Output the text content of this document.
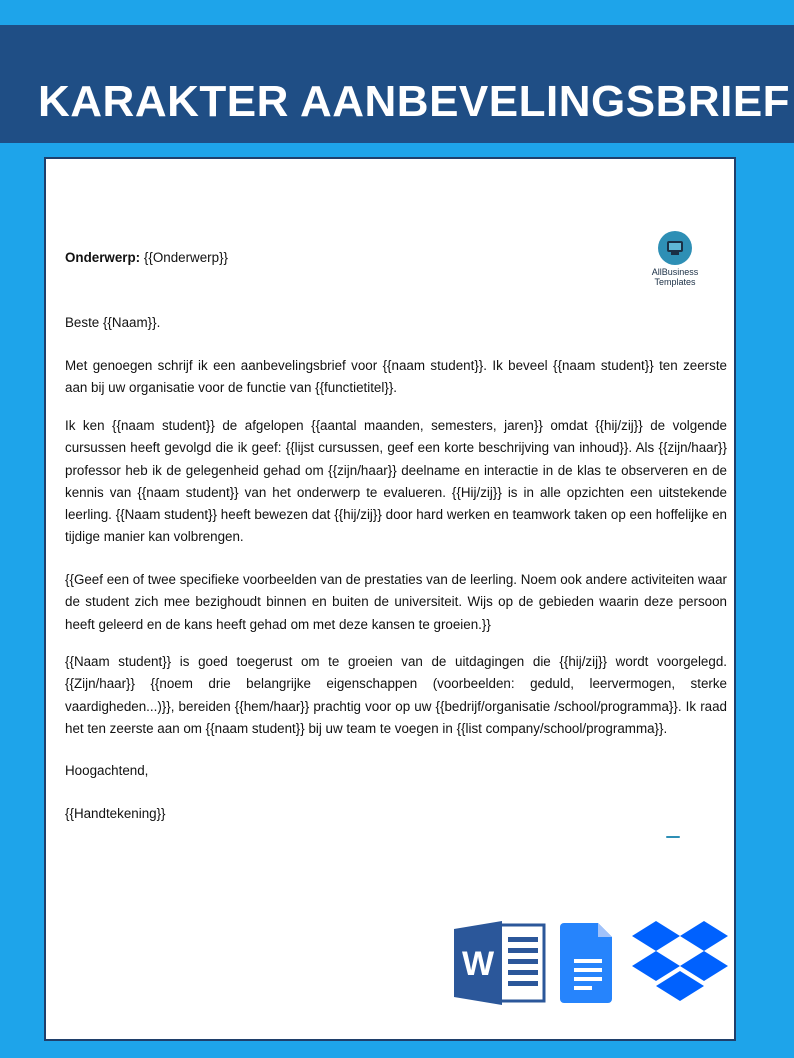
KARAKTER AANBEVELINGSBRIEF
AllBusiness
Templates
Onderwerp: {{Onderwerp}}
Beste {{Naam}}.
Met genoegen schrijf ik een aanbevelingsbrief voor {{naam student}}. Ik beveel {{naam student}} ten zeerste aan bij uw organisatie voor de functie van {{functietitel}}.
Ik ken {{naam student}} de afgelopen {{aantal maanden, semesters, jaren}} omdat {{hij/zij}} de volgende cursussen heeft gevolgd die ik geef: {{lijst cursussen, geef een korte beschrijving van inhoud}}. Als {{zijn/haar}} professor heb ik de gelegenheid gehad om {{zijn/haar}} deelname en interactie in de klas te observeren en de kennis van {{naam student}} van het onderwerp te evalueren. {{Hij/zij}} is in alle opzichten een uitstekende leerling. {{Naam student}} heeft bewezen dat {{hij/zij}} door hard werken en teamwork taken op een hoffelijke en tijdige manier kan volbrengen.
{{Geef een of twee specifieke voorbeelden van de prestaties van de leerling. Noem ook andere activiteiten waar de student zich mee bezighoudt binnen en buiten de universiteit. Wijs op de gebieden waarin deze persoon heeft geleerd en de kans heeft gehad om met deze kansen te groeien.}}
{{Naam student}} is goed toegerust om te groeien van de uitdagingen die {{hij/zij}} wordt voorgelegd. {{Zijn/haar}} {{noem drie belangrijke eigenschappen (voorbeelden: geduld, leervermogen, sterke vaardigheden...)}}, bereiden {{hem/haar}} prachtig voor op uw {{bedrijf/organisatie /school/programma}}. Ik raad het ten zeerste aan om {{naam student}} bij uw team te voegen in {{list company/school/programma}}.
Hoogachtend,
{{Handtekening}}
W
